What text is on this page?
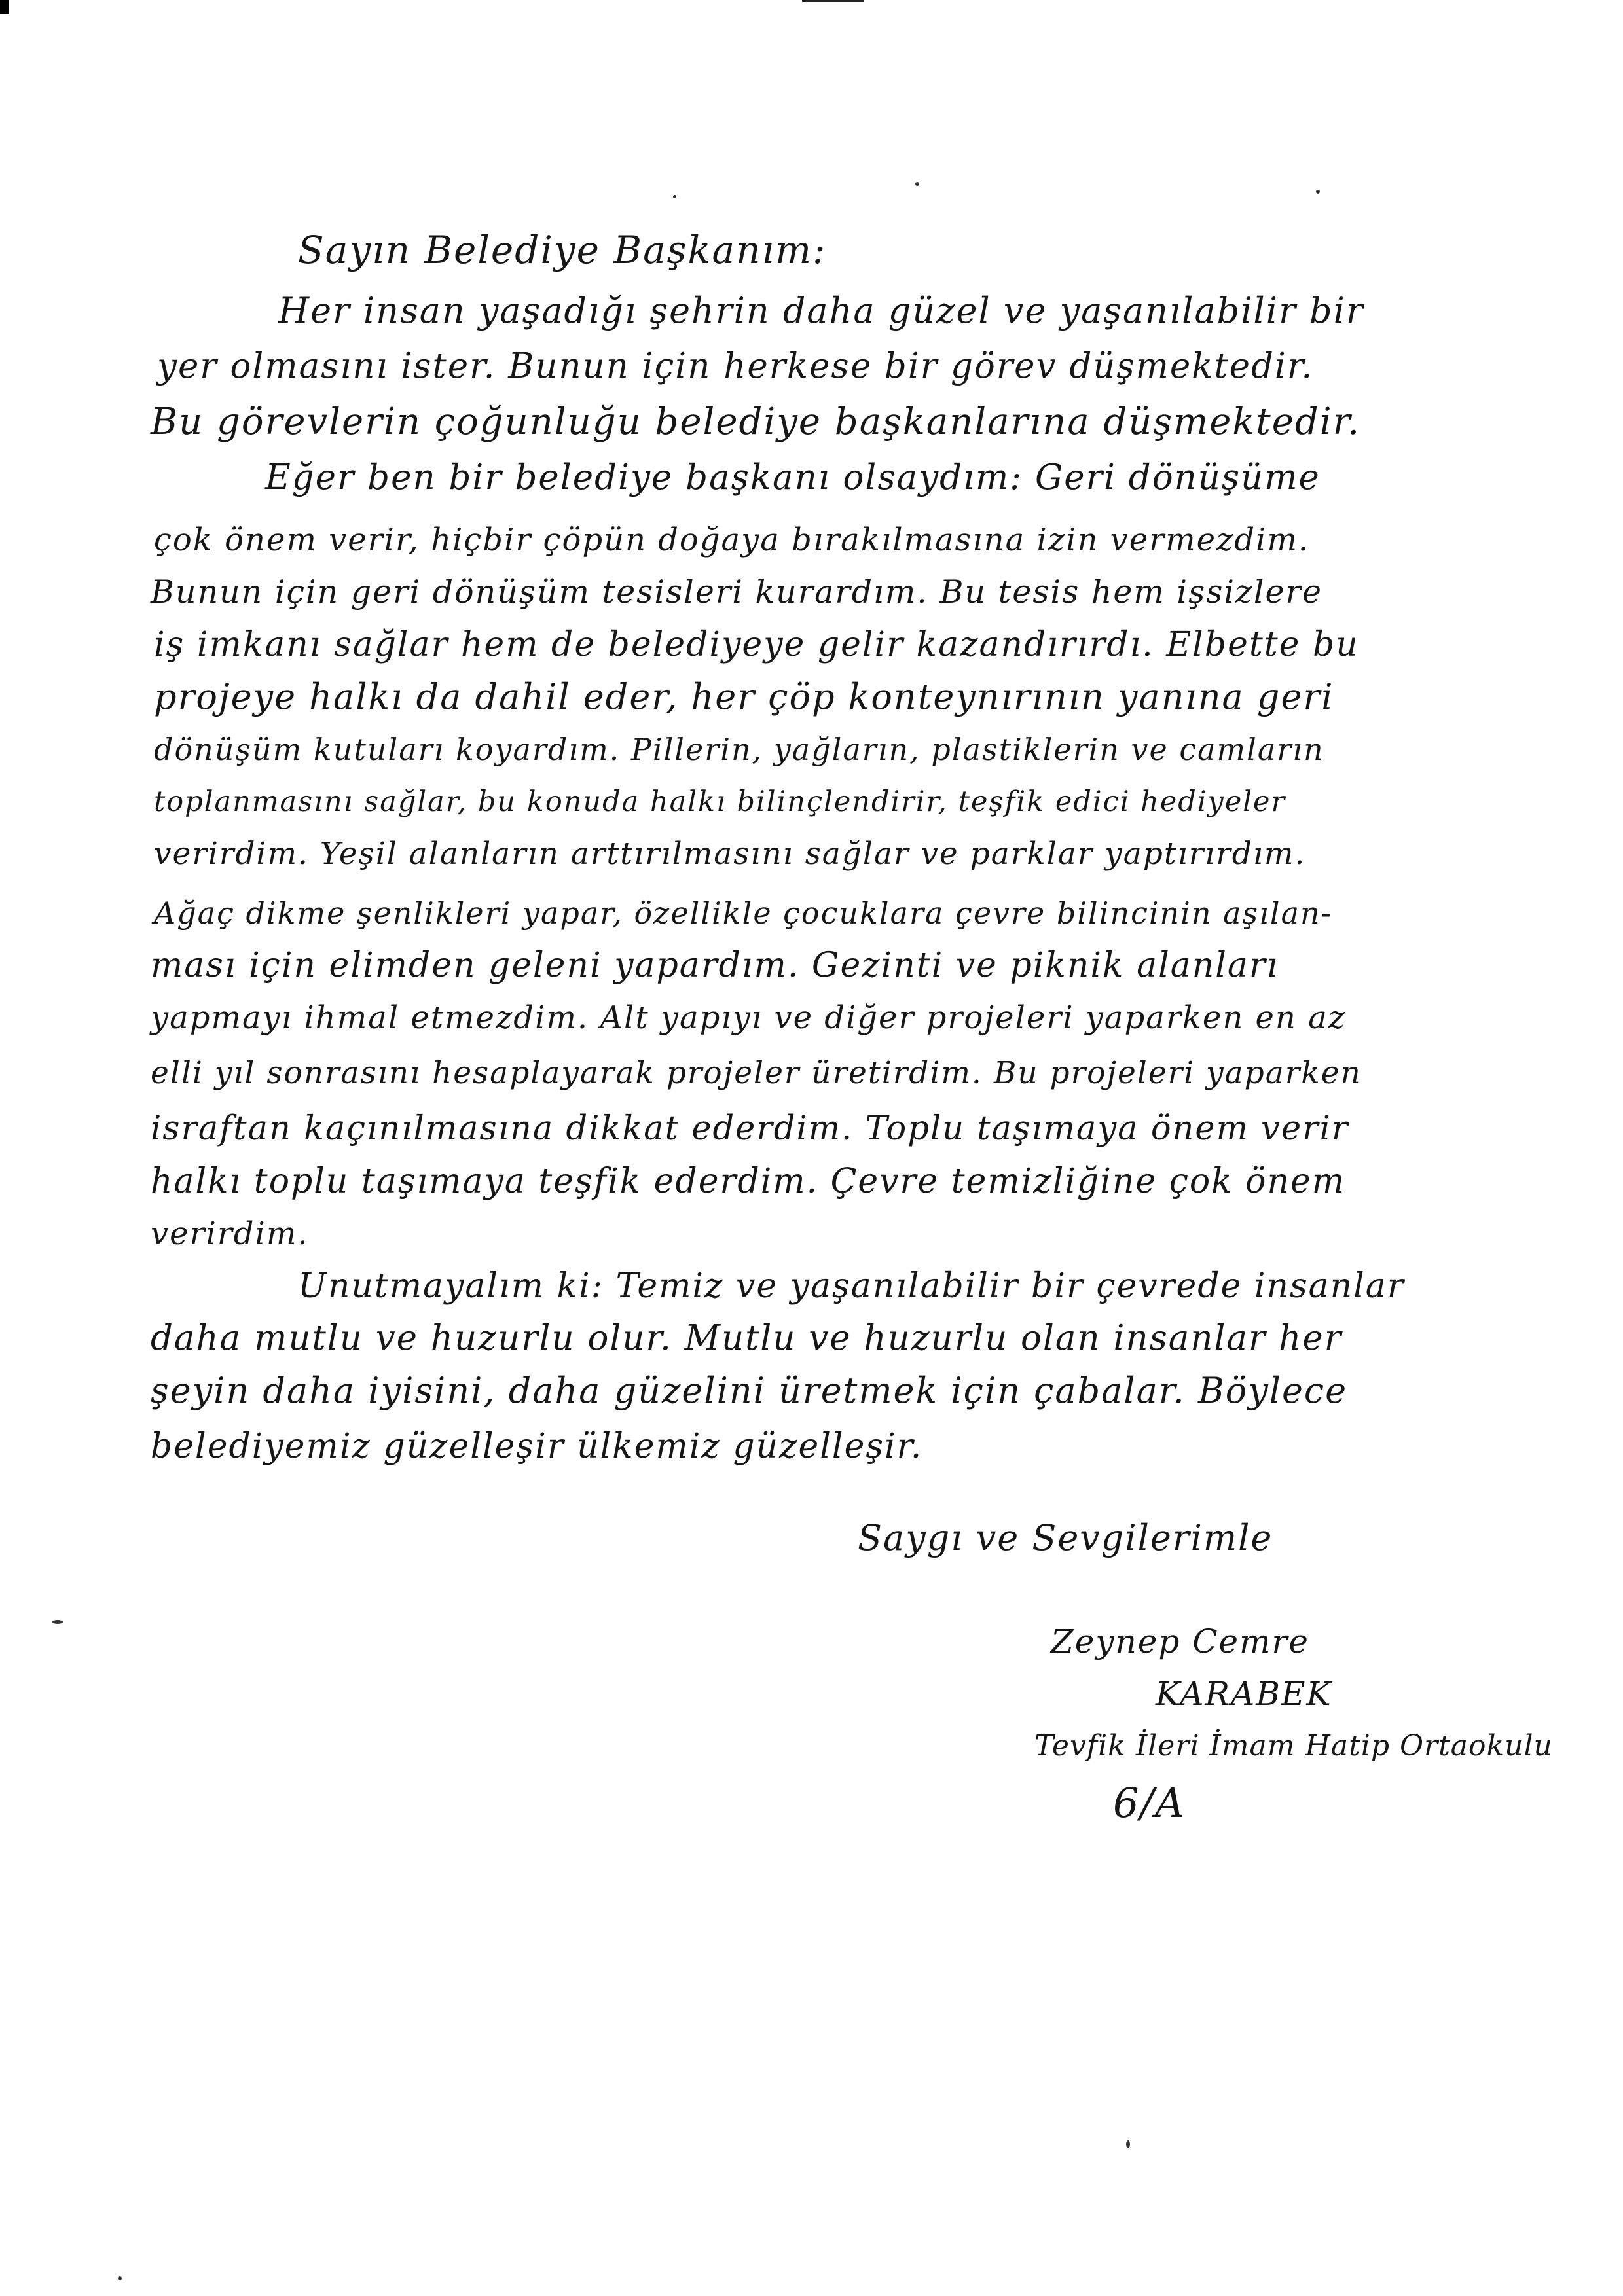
Sayın Belediye Başkanım:
Her insan yaşadığı şehrin daha güzel ve yaşanılabilir bir
yer olmasını ister. Bunun için herkese bir görev düşmektedir.
Bu görevlerin çoğunluğu belediye başkanlarına düşmektedir.
Eğer ben bir belediye başkanı olsaydım: Geri dönüşüme
çok önem verir, hiçbir çöpün doğaya bırakılmasına izin vermezdim.
Bunun için geri dönüşüm tesisleri kurardım. Bu tesis hem işsizlere
iş imkanı sağlar hem de belediyeye gelir kazandırırdı. Elbette bu
projeye halkı da dahil eder, her çöp konteynırının yanına geri
dönüşüm kutuları koyardım. Pillerin, yağların, plastiklerin ve camların
toplanmasını sağlar, bu konuda halkı bilinçlendirir, teşfik edici hediyeler
verirdim. Yeşil alanların arttırılmasını sağlar ve parklar yaptırırdım.
Ağaç dikme şenlikleri yapar, özellikle çocuklara çevre bilincinin aşılan-
ması için elimden geleni yapardım. Gezinti ve piknik alanları
yapmayı ihmal etmezdim. Alt yapıyı ve diğer projeleri yaparken en az
elli yıl sonrasını hesaplayarak projeler üretirdim. Bu projeleri yaparken
israftan kaçınılmasına dikkat ederdim. Toplu taşımaya önem verir
halkı toplu taşımaya teşfik ederdim. Çevre temizliğine çok önem
verirdim.
Unutmayalım ki: Temiz ve yaşanılabilir bir çevrede insanlar
daha mutlu ve huzurlu olur. Mutlu ve huzurlu olan insanlar her
şeyin daha iyisini, daha güzelini üretmek için çabalar. Böylece
belediyemiz güzelleşir ülkemiz güzelleşir.
Saygı ve Sevgilerimle
Zeynep Cemre
KARABEK
Tevfik İleri İmam Hatip Ortaokulu
6/A
